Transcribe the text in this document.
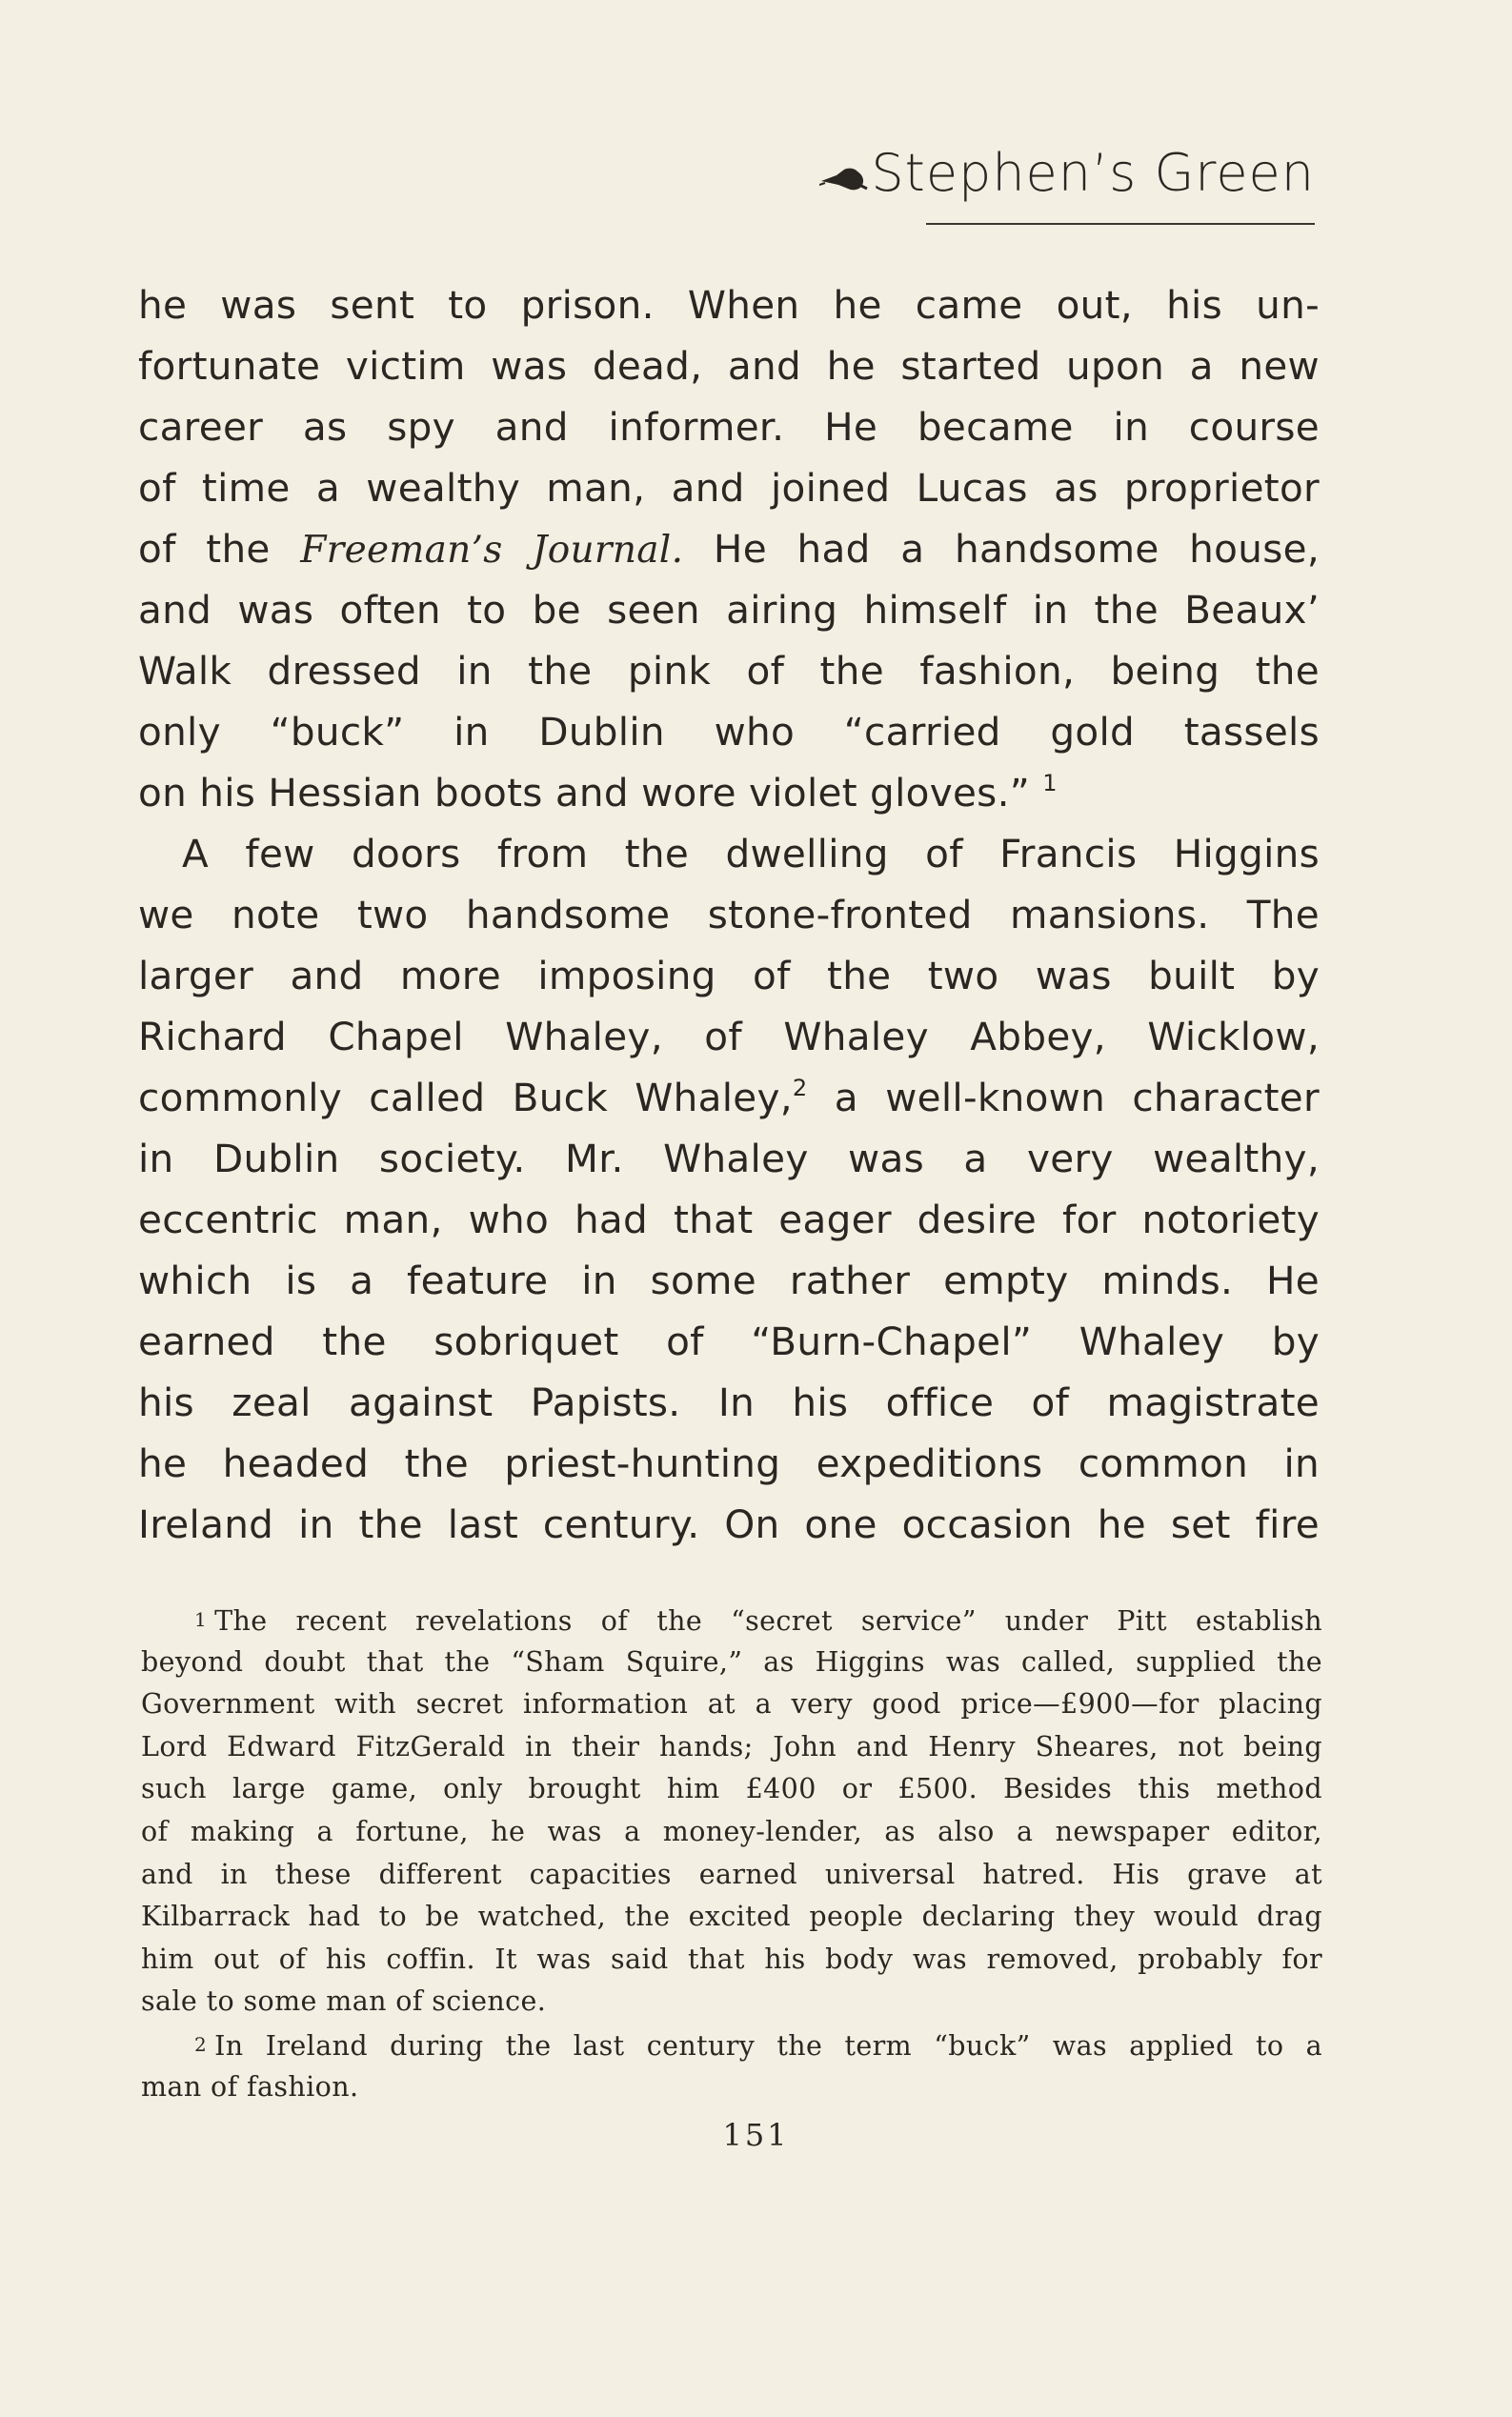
Stephen’s Green
he was sent to prison. When he came out, his un-
fortunate victim was dead, and he started upon a new
career as spy and informer. He became in course
of time a wealthy man, and joined Lucas as proprietor
of the Freeman’s Journal. He had a handsome house,
and was often to be seen airing himself in the Beaux’
Walk dressed in the pink of the fashion, being the
only “buck” in Dublin who “carried gold tassels
on his Hessian boots and wore violet gloves.” $^1$
A few doors from the dwelling of Francis Higgins
we note two handsome stone-fronted mansions. The
larger and more imposing of the two was built by
Richard Chapel Whaley, of Whaley Abbey, Wicklow,
commonly called Buck Whaley,$^2$ a well-known character
in Dublin society. Mr. Whaley was a very wealthy,
eccentric man, who had that eager desire for notoriety
which is a feature in some rather empty minds. He
earned the sobriquet of “Burn-Chapel” Whaley by
his zeal against Papists. In his office of magistrate
he headed the priest-hunting expeditions common in
Ireland in the last century. On one occasion he set fire
1 The recent revelations of the “secret service” under Pitt establish
beyond doubt that the “Sham Squire,” as Higgins was called, supplied the
Government with secret information at a very good price—£900—for placing
Lord Edward FitzGerald in their hands; John and Henry Sheares, not being
such large game, only brought him £400 or £500. Besides this method
of making a fortune, he was a money-lender, as also a newspaper editor,
and in these different capacities earned universal hatred. His grave at
Kilbarrack had to be watched, the excited people declaring they would drag
him out of his coffin. It was said that his body was removed, probably for
sale to some man of science.
2 In Ireland during the last century the term “buck” was applied to a
man of fashion.
151
